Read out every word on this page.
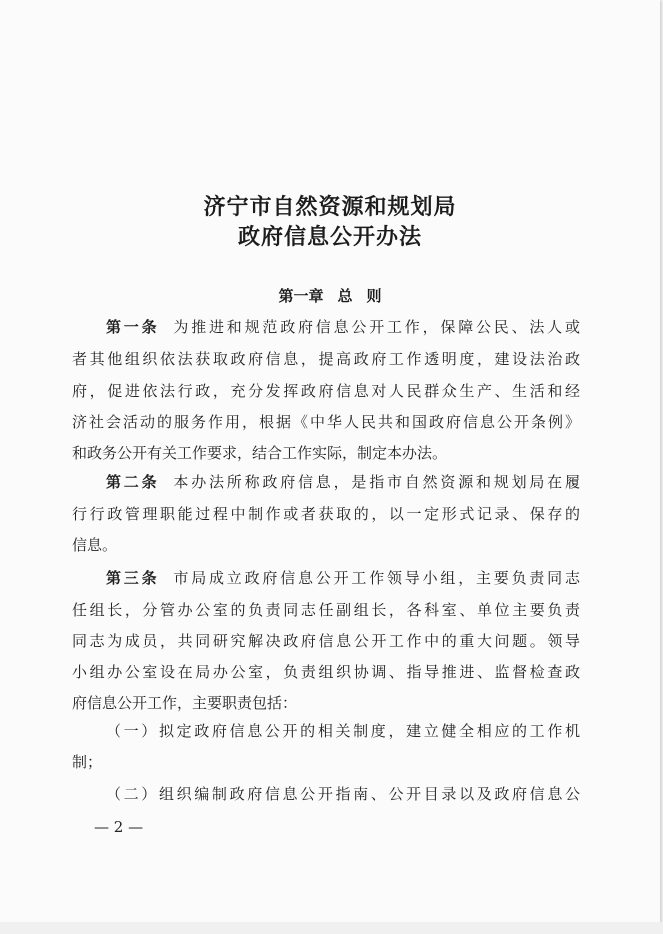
济宁市自然资源和规划局
政府信息公开办法
第一章 总 则
第一条 为推进和规范政府信息公开工作，保障公民、法人或
者其他组织依法获取政府信息，提高政府工作透明度，建设法治政
府，促进依法行政，充分发挥政府信息对人民群众生产、生活和经
济社会活动的服务作用，根据《中华人民共和国政府信息公开条例》
和政务公开有关工作要求，结合工作实际，制定本办法。
第二条 本办法所称政府信息，是指市自然资源和规划局在履
行行政管理职能过程中制作或者获取的，以一定形式记录、保存的
信息。
第三条 市局成立政府信息公开工作领导小组，主要负责同志
任组长，分管办公室的负责同志任副组长，各科室、单位主要负责
同志为成员，共同研究解决政府信息公开工作中的重大问题。领导
小组办公室设在局办公室，负责组织协调、指导推进、监督检查政
府信息公开工作，主要职责包括：
（一）拟定政府信息公开的相关制度，建立健全相应的工作机
制；
（二）组织编制政府信息公开指南、公开目录以及政府信息公
— 2 —
